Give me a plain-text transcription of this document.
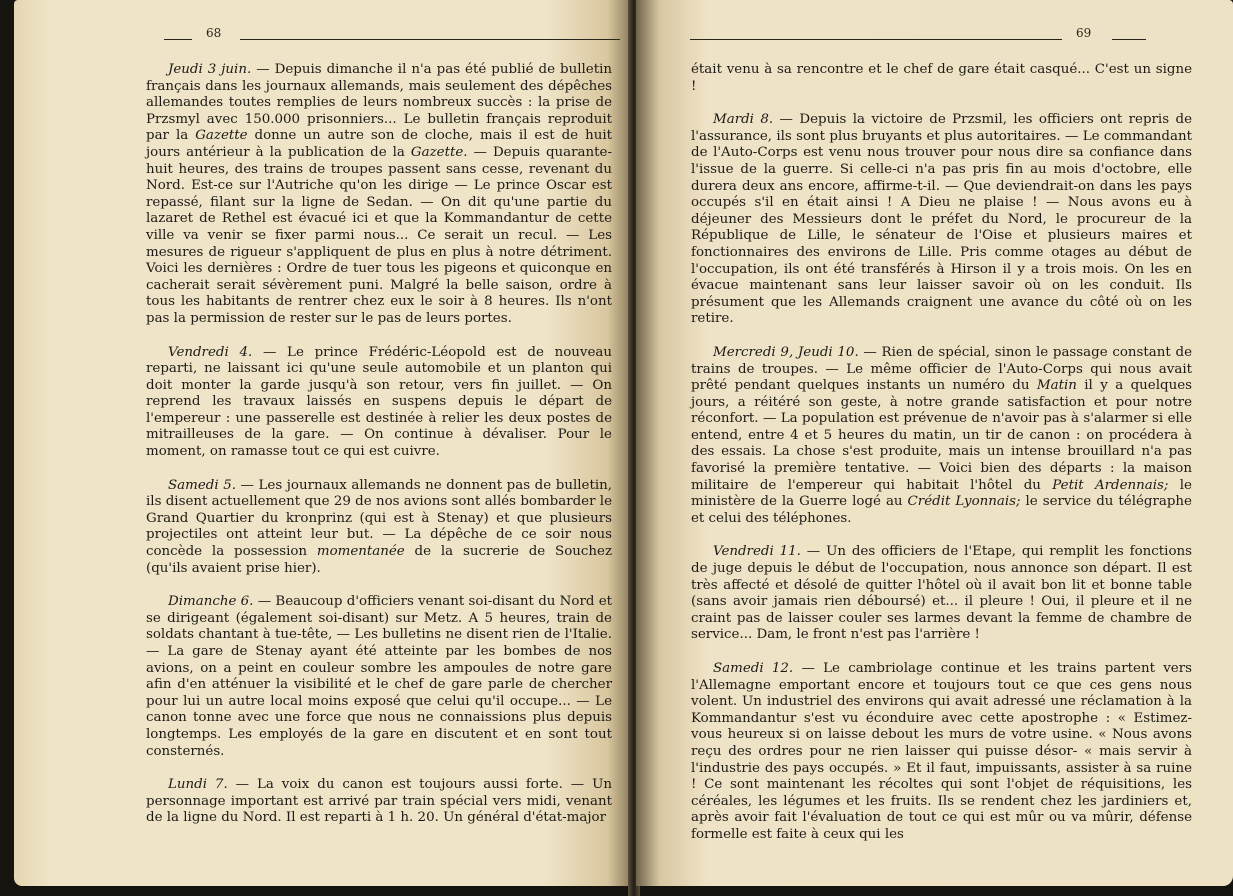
68

Jeudi 3 juin. — Depuis dimanche il n'a pas été publié de bulletin français dans les journaux allemands, mais seulement des dépêches allemandes toutes remplies de leurs nombreux succès : la prise de Przsmyl avec 150.000 prisonniers... Le bulletin français reproduit par la Gazette donne un autre son de cloche, mais il est de huit jours antérieur à la publication de la Gazette. — Depuis quarante-huit heures, des trains de troupes passent sans cesse, revenant du Nord. Est-ce sur l'Autriche qu'on les dirige — Le prince Oscar est repassé, filant sur la ligne de Sedan. — On dit qu'une partie du lazaret de Rethel est évacué ici et que la Kommandantur de cette ville va venir se fixer parmi nous... Ce serait un recul. — Les mesures de rigueur s'appliquent de plus en plus à notre détriment. Voici les dernières : Ordre de tuer tous les pigeons et quiconque en cacherait serait sévèrement puni. Malgré la belle saison, ordre à tous les habitants de rentrer chez eux le soir à 8 heures. Ils n'ont pas la permission de rester sur le pas de leurs portes.

Vendredi 4. — Le prince Frédéric-Léopold est de nouveau reparti, ne laissant ici qu'une seule automobile et un planton qui doit monter la garde jusqu'à son retour, vers fin juillet. — On reprend les travaux laissés en suspens depuis le départ de l'empereur : une passerelle est destinée à relier les deux postes de mitrailleuses de la gare. — On continue à dévaliser. Pour le moment, on ramasse tout ce qui est cuivre.

Samedi 5. — Les journaux allemands ne donnent pas de bulletin, ils disent actuellement que 29 de nos avions sont allés bombarder le Grand Quartier du kronprinz (qui est à Stenay) et que plusieurs projectiles ont atteint leur but. — La dépêche de ce soir nous concède la possession momentanée de la sucrerie de Souchez (qu'ils avaient prise hier).

Dimanche 6. — Beaucoup d'officiers venant soi-disant du Nord et se dirigeant (également soi-disant) sur Metz. A 5 heures, train de soldats chantant à tue-tête, — Les bulletins ne disent rien de l'Italie. — La gare de Stenay ayant été atteinte par les bombes de nos avions, on a peint en couleur sombre les ampoules de notre gare afin d'en atténuer la visibilité et le chef de gare parle de chercher pour lui un autre local moins exposé que celui qu'il occupe... — Le canon tonne avec une force que nous ne connaissions plus depuis longtemps. Les employés de la gare en discutent et en sont tout consternés.

Lundi 7. — La voix du canon est toujours aussi forte. — Un personnage important est arrivé par train spécial vers midi, venant de la ligne du Nord. Il est reparti à 1 h. 20. Un général d'état-major

69

était venu à sa rencontre et le chef de gare était casqué... C'est un signe !

Mardi 8. — Depuis la victoire de Przsmil, les officiers ont repris de l'assurance, ils sont plus bruyants et plus autoritaires. — Le commandant de l'Auto-Corps est venu nous trouver pour nous dire sa confiance dans l'issue de la guerre. Si celle-ci n'a pas pris fin au mois d'octobre, elle durera deux ans encore, affirme-t-il. — Que deviendrait-on dans les pays occupés s'il en était ainsi ! A Dieu ne plaise ! — Nous avons eu à déjeuner des Messieurs dont le préfet du Nord, le procureur de la République de Lille, le sénateur de l'Oise et plusieurs maires et fonctionnaires des environs de Lille. Pris comme otages au début de l'occupation, ils ont été transférés à Hirson il y a trois mois. On les en évacue maintenant sans leur laisser savoir où on les conduit. Ils présument que les Allemands craignent une avance du côté où on les retire.

Mercredi 9, Jeudi 10. — Rien de spécial, sinon le passage constant de trains de troupes. — Le même officier de l'Auto-Corps qui nous avait prêté pendant quelques instants un numéro du Matin il y a quelques jours, a réitéré son geste, à notre grande satisfaction et pour notre réconfort. — La population est prévenue de n'avoir pas à s'alarmer si elle entend, entre 4 et 5 heures du matin, un tir de canon : on procédera à des essais. La chose s'est produite, mais un intense brouillard n'a pas favorisé la première tentative. — Voici bien des départs : la maison militaire de l'empereur qui habitait l'hôtel du Petit Ardennais; le ministère de la Guerre logé au Crédit Lyonnais; le service du télégraphe et celui des téléphones.

Vendredi 11. — Un des officiers de l'Etape, qui remplit les fonctions de juge depuis le début de l'occupation, nous annonce son départ. Il est très affecté et désolé de quitter l'hôtel où il avait bon lit et bonne table (sans avoir jamais rien déboursé) et... il pleure ! Oui, il pleure et il ne craint pas de laisser couler ses larmes devant la femme de chambre de service... Dam, le front n'est pas l'arrière !

Samedi 12. — Le cambriolage continue et les trains partent vers l'Allemagne emportant encore et toujours tout ce que ces gens nous volent. Un industriel des environs qui avait adressé une réclamation à la Kommandantur s'est vu éconduire avec cette apostrophe : « Estimez-vous heureux si on laisse debout les murs de votre usine. « Nous avons reçu des ordres pour ne rien laisser qui puisse désor- « mais servir à l'industrie des pays occupés. » Et il faut, impuissants, assister à sa ruine ! Ce sont maintenant les récoltes qui sont l'objet de réquisitions, les céréales, les légumes et les fruits. Ils se rendent chez les jardiniers et, après avoir fait l'évaluation de tout ce qui est mûr ou va mûrir, défense formelle est faite à ceux qui les
